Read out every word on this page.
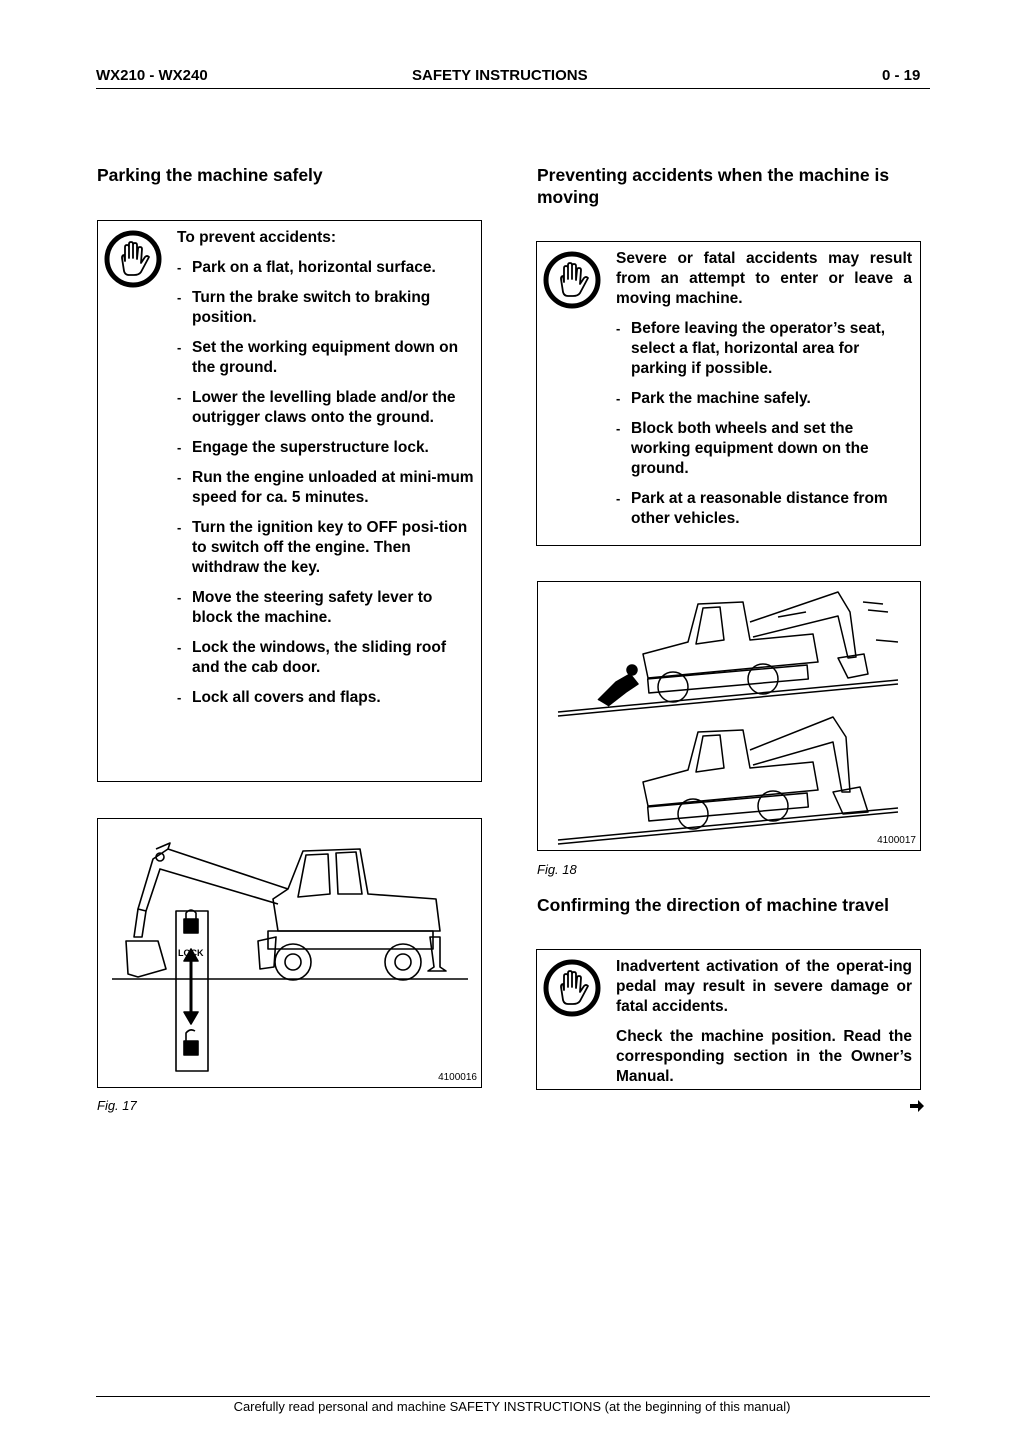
WX210 - WX240	SAFETY INSTRUCTIONS	0 - 19
Parking the machine safely

To prevent accidents:

- Park on a flat, horizontal surface.
- Turn the brake switch to braking position.
- Set the working equipment down on the ground.
- Lower the levelling blade and/or the outrigger claws onto the ground.
- Engage the superstructure lock.
- Run the engine unloaded at mini-mum speed for ca. 5 minutes.
- Turn the ignition key to OFF posi-tion to switch off the engine. Then withdraw the key.
- Move the steering safety lever to block the machine.
- Lock the windows, the sliding roof and the cab door.
- Lock all covers and flaps.
LOCK
4100016
Fig. 17
Preventing accidents when the machine is moving

Severe or fatal accidents may result from an attempt to enter or leave a moving machine.

- Before leaving the operator’s seat, select a flat, horizontal area for parking if possible.
- Park the machine safely.
- Block both wheels and set the working equipment down on the ground.
- Park at a reasonable distance from other vehicles.
4100017
Fig. 18
Confirming the direction of machine travel

Inadvertent activation of the operat-ing pedal may result in severe damage or fatal accidents.

Check the machine position. Read the corresponding section in the Owner’s Manual.

Carefully read personal and machine SAFETY INSTRUCTIONS (at the beginning of this manual)
